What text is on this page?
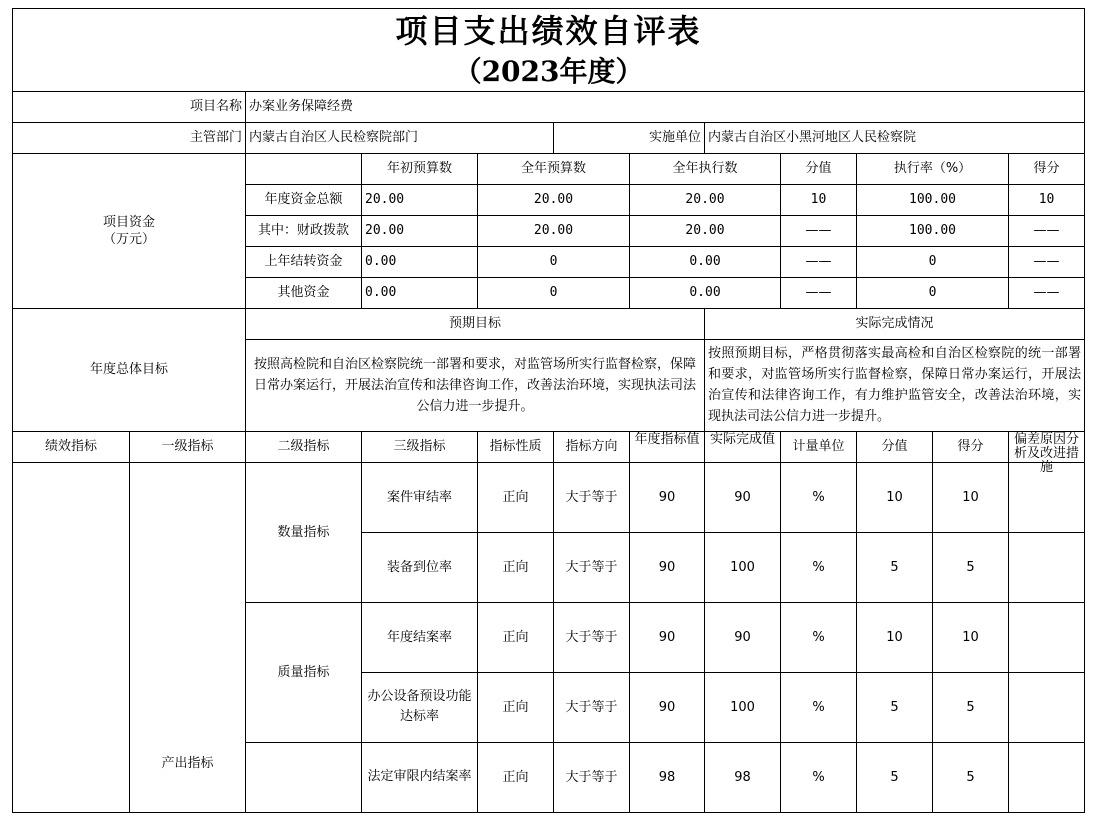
项目支出绩效自评表											

（2023年度）											

项目名称		办案业务保障经费									
主管部门		内蒙古自治区人民检察院部门			实施单位		内蒙古自治区小黑河地区人民检察院				

项目资金
（万元）			年初预算数	全年预算数		全年执行数		分值	执行率（%）		得分
		年度资金总额	20.00	20.00		20.00		10	100.00		10
		其中：财政拨款	20.00	20.00		20.00		——	100.00		——
		上年结转资金	0.00	0		0.00		——	0		——
		其他资金	0.00	0		0.00		——	0		——
年度总体目标		预期目标					实际完成情况				
		按照高检院和自治区检察院统一部署和要求，对监管场所实行监督检察，保障日常办案运行，开展法治宣传和法律咨询工作，改善法治环境，实现执法司法公信力进一步提升。					按照预期目标，严格贯彻落实最高检和自治区检察院的统一部署和要求，对监管场所实行监督检察，保障日常办案运行，开展法治宣传和法律咨询工作，有力维护监管安全，改善法治环境，实现执法司法公信力进一步提升。				
绩效指标	一级指标	二级指标	三级指标	指标性质	指标方向	年度指标值	实际完成值	计量单位	分值	得分	偏差原因分析及改进措施

	产出指标	数量指标	案件审结率	正向	大于等于	90	90	%	10	10	
			装备到位率	正向	大于等于	90	100	%	5	5	
		质量指标	年度结案率	正向	大于等于	90	90	%	10	10	
			办公设备预设功能达标率	正向	大于等于	90	100	%	5	5	
			法定审限内结案率	正向	大于等于	98	98	%	5	5	
